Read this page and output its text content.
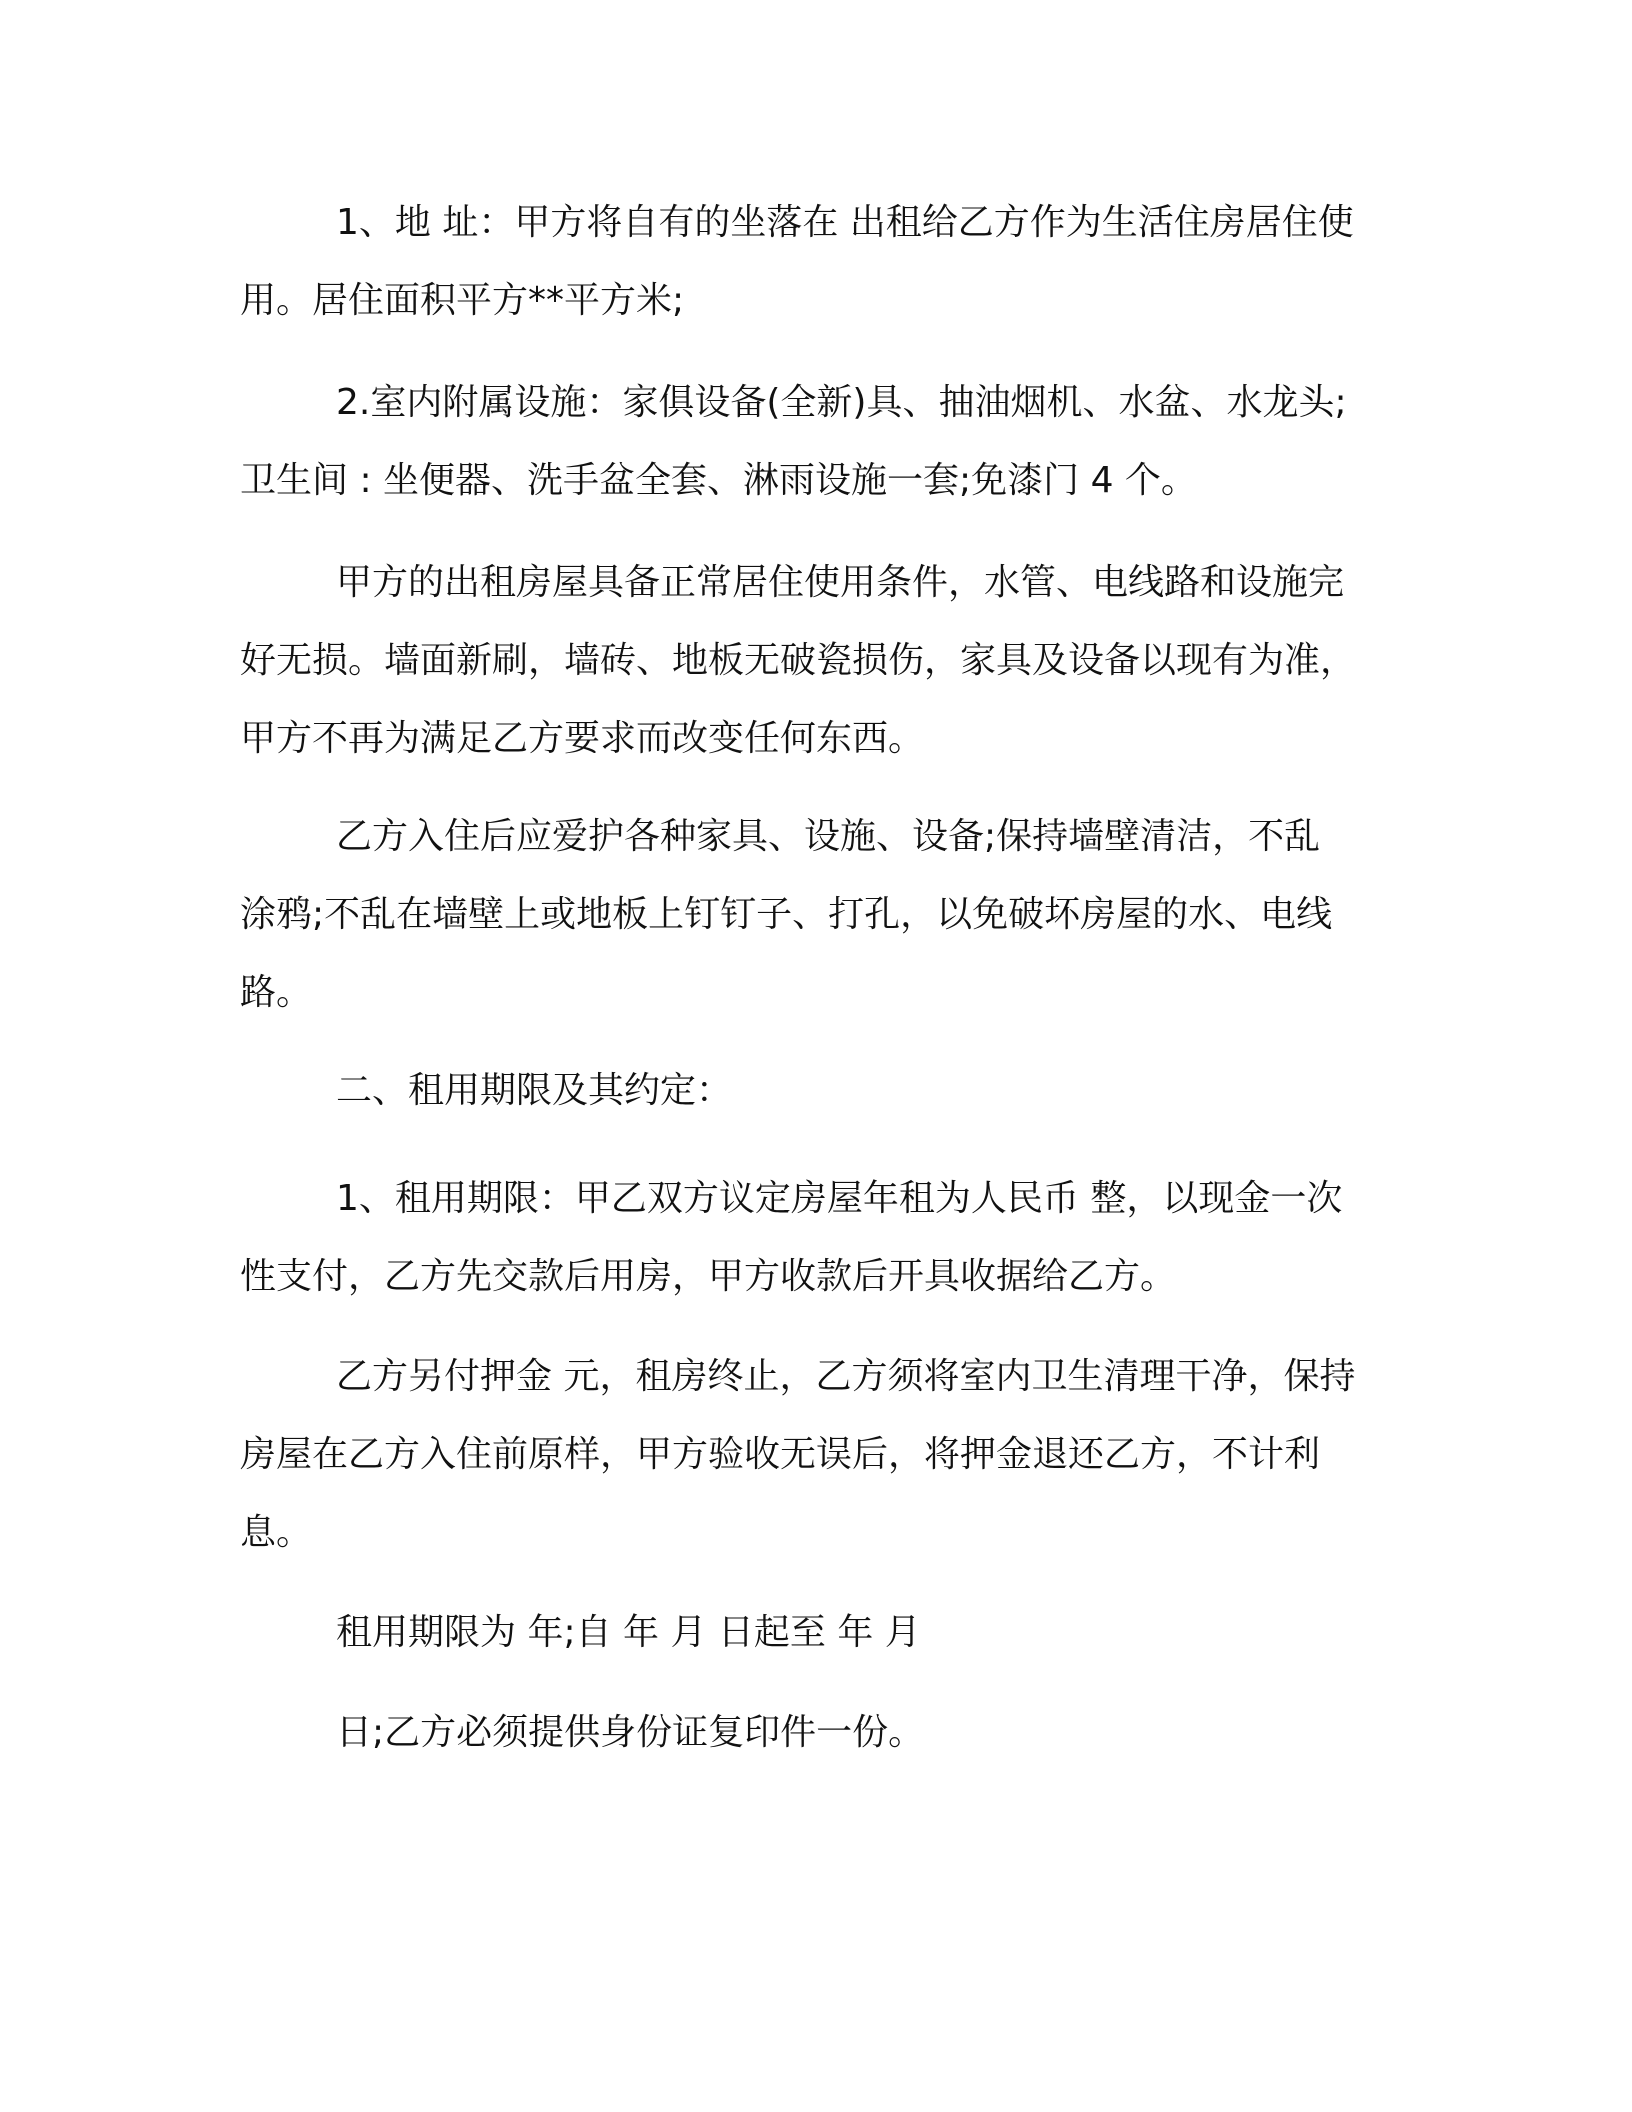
1、地 址：甲方将自有的坐落在 出租给乙方作为生活住房居住使
用。居住面积平方**平方米;
2.室内附属设施：家俱设备(全新)具、抽油烟机、水盆、水龙头;
卫生间 : 坐便器、洗手盆全套、淋雨设施一套;免漆门 4 个。
甲方的出租房屋具备正常居住使用条件，水管、电线路和设施完
好无损。墙面新刷，墙砖、地板无破瓷损伤，家具及设备以现有为准，
甲方不再为满足乙方要求而改变任何东西。
乙方入住后应爱护各种家具、设施、设备;保持墙壁清洁，不乱
涂鸦;不乱在墙壁上或地板上钉钉子、打孔，以免破坏房屋的水、电线
路。
二、租用期限及其约定：
1、租用期限：甲乙双方议定房屋年租为人民币 整，以现金一次
性支付，乙方先交款后用房，甲方收款后开具收据给乙方。
乙方另付押金 元，租房终止，乙方须将室内卫生清理干净，保持
房屋在乙方入住前原样，甲方验收无误后，将押金退还乙方，不计利
息。
租用期限为 年;自 年 月 日起至 年 月
日;乙方必须提供身份证复印件一份。
